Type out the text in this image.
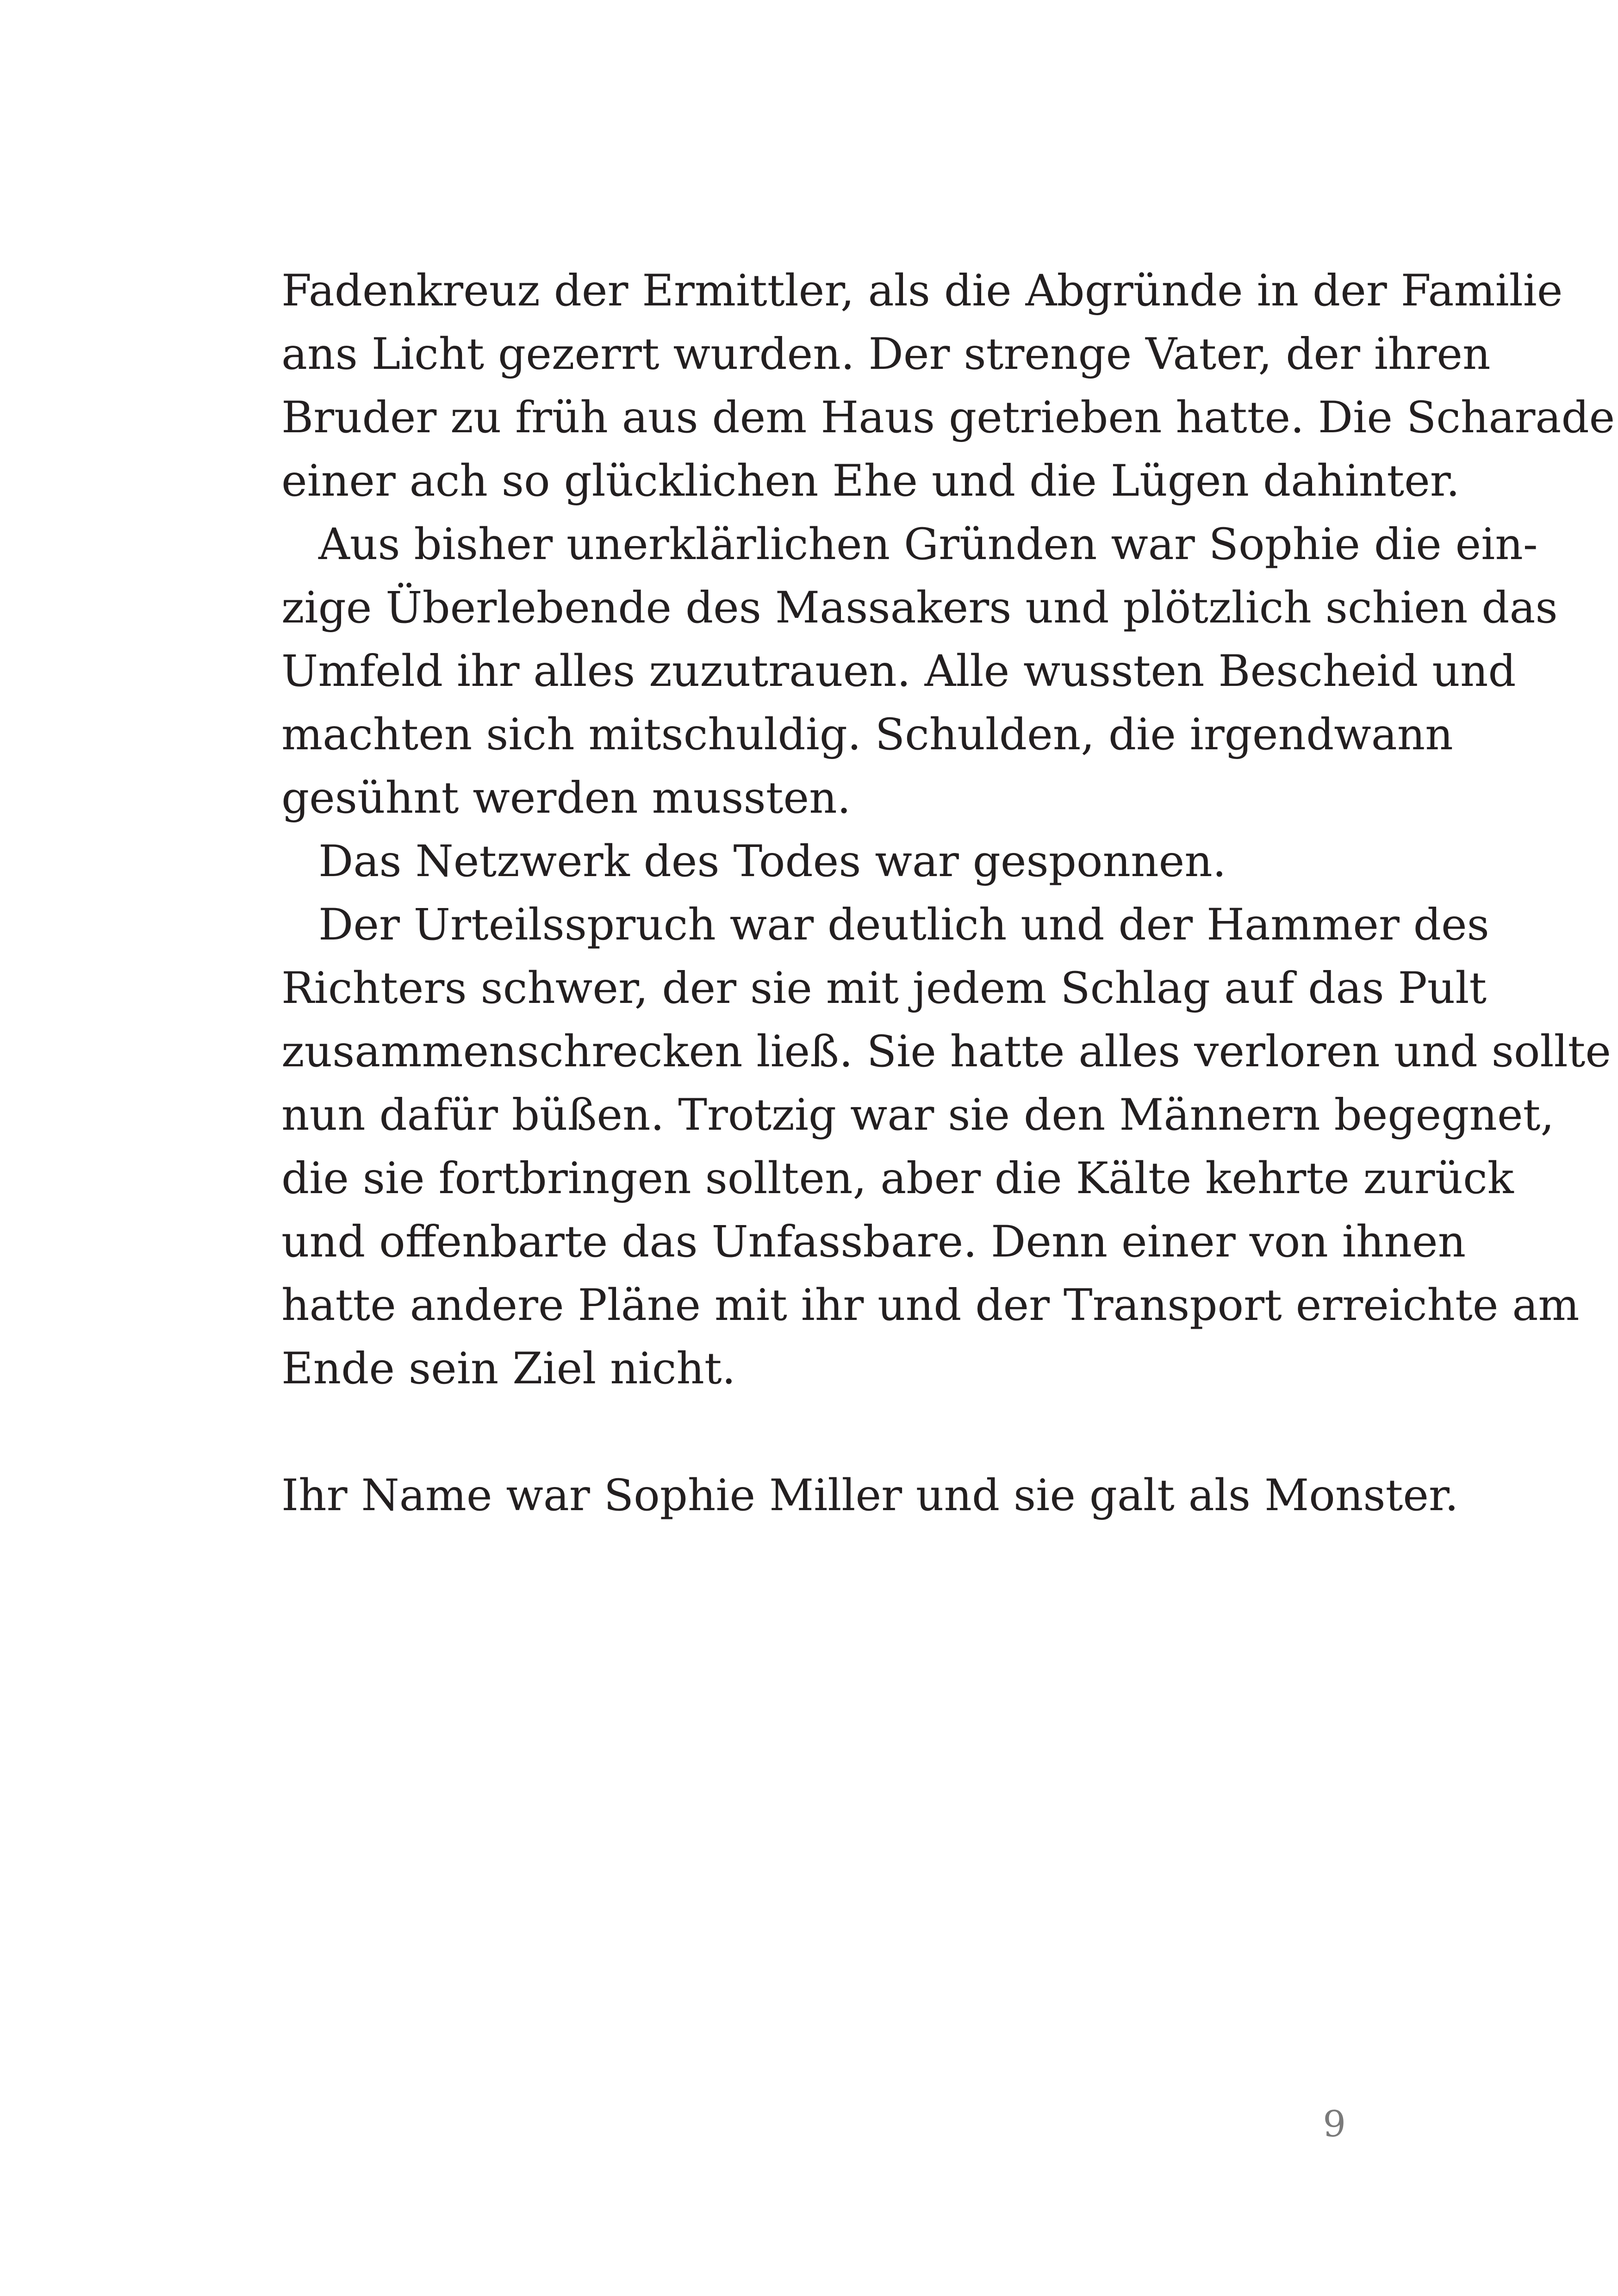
Fadenkreuz der Ermittler, als die Abgründe in der Familie
ans Licht gezerrt wurden. Der strenge Vater, der ihren
Bruder zu früh aus dem Haus getrieben hatte. Die Scharade
einer ach so glücklichen Ehe und die Lügen dahinter.
Aus bisher unerklärlichen Gründen war Sophie die ein-
zige Überlebende des Massakers und plötzlich schien das
Umfeld ihr alles zuzutrauen. Alle wussten Bescheid und
machten sich mitschuldig. Schulden, die irgendwann
gesühnt werden mussten.
Das Netzwerk des Todes war gesponnen.
Der Urteilsspruch war deutlich und der Hammer des
Richters schwer, der sie mit jedem Schlag auf das Pult
zusammenschrecken ließ. Sie hatte alles verloren und sollte
nun dafür büßen. Trotzig war sie den Männern begegnet,
die sie fortbringen sollten, aber die Kälte kehrte zurück
und offenbarte das Unfassbare. Denn einer von ihnen
hatte andere Pläne mit ihr und der Transport erreichte am
Ende sein Ziel nicht.
Ihr Name war Sophie Miller und sie galt als Monster.
9
